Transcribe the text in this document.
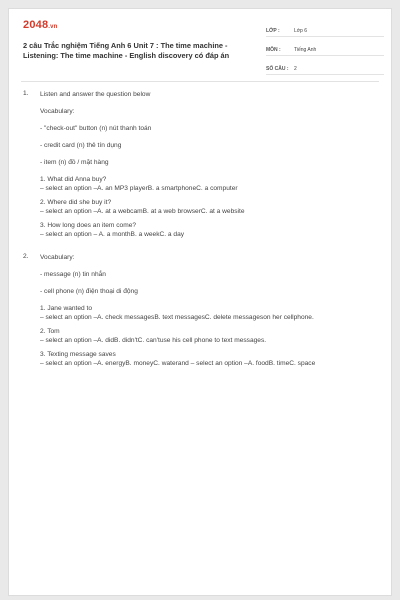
2048.vn
2 câu Trắc nghiệm Tiếng Anh 6 Unit 7 : The time machine - Listening: The time machine - English discovery có đáp án
LỚP :	Lớp 6
MÔN :	Tiếng Anh
SỐ CÂU :	2
1. Listen and answer the question below
Vocabulary:
- "check-out" button (n) nút thanh toán
- credit card (n) thẻ tín dụng
- item (n) đồ / mặt hàng
1. What did Anna buy?
– select an option –A. an MP3 playerB. a smartphoneC. a computer
2. Where did she buy it?
– select an option –A. at a webcamB. at a web browserC. at a website
3. How long does an item come?
– select an option – A. a monthB. a weekC. a day
2. Vocabulary:
- message (n) tin nhắn
- cell phone (n) điện thoại di động
1. Jane wanted to
– select an option –A. check messagesB. text messagesC. delete messageson her cellphone.
2. Tom
– select an option –A. didB. didn'tC. can'tuse his cell phone to text messages.
3. Texting message saves
– select an option –A. energyB. moneyC. waterand – select an option –A. foodB. timeC. space
